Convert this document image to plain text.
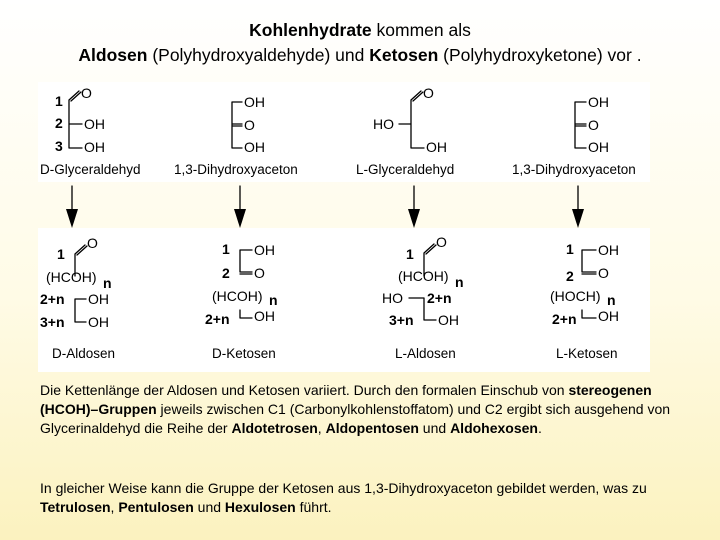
Kohlenhydrate kommen als
Aldosen (Polyhydroxyaldehyde) und Ketosen (Polyhydroxyketone) vor .
D-Glyceraldehyd 1,3-Dihydroxyaceton	L-Glyceraldehyd	1,3-Dihydroxyaceton
D-Aldosen	D-Ketosen	L-Aldosen	L-Ketosen
1 O
2 OH
3 OH
OH
O
OH
O
HO
OH
OH
O
OH
1
O
(HCOH) n
2+n OH
3+n OH
1 OH
2 O
(HCOH) n
2+n OH
1
O
(HCOH) n
HO 2+n
3+n OH
1 OH
2 O
(HOCH) n
2+n OH
Die Kettenlänge der Aldosen und Ketosen variiert. Durch den formalen Einschub von stereogenen (HCOH)–Gruppen jeweils zwischen C1 (Carbonylkohlenstoffatom) und C2 ergibt sich ausgehend von Glycerinaldehyd die Reihe der Aldotetrosen, Aldopentosen und Aldohexosen.
In gleicher Weise kann die Gruppe der Ketosen aus 1,3-Dihydroxyaceton gebildet werden, was zu Tetrulosen, Pentulosen und Hexulosen führt.
